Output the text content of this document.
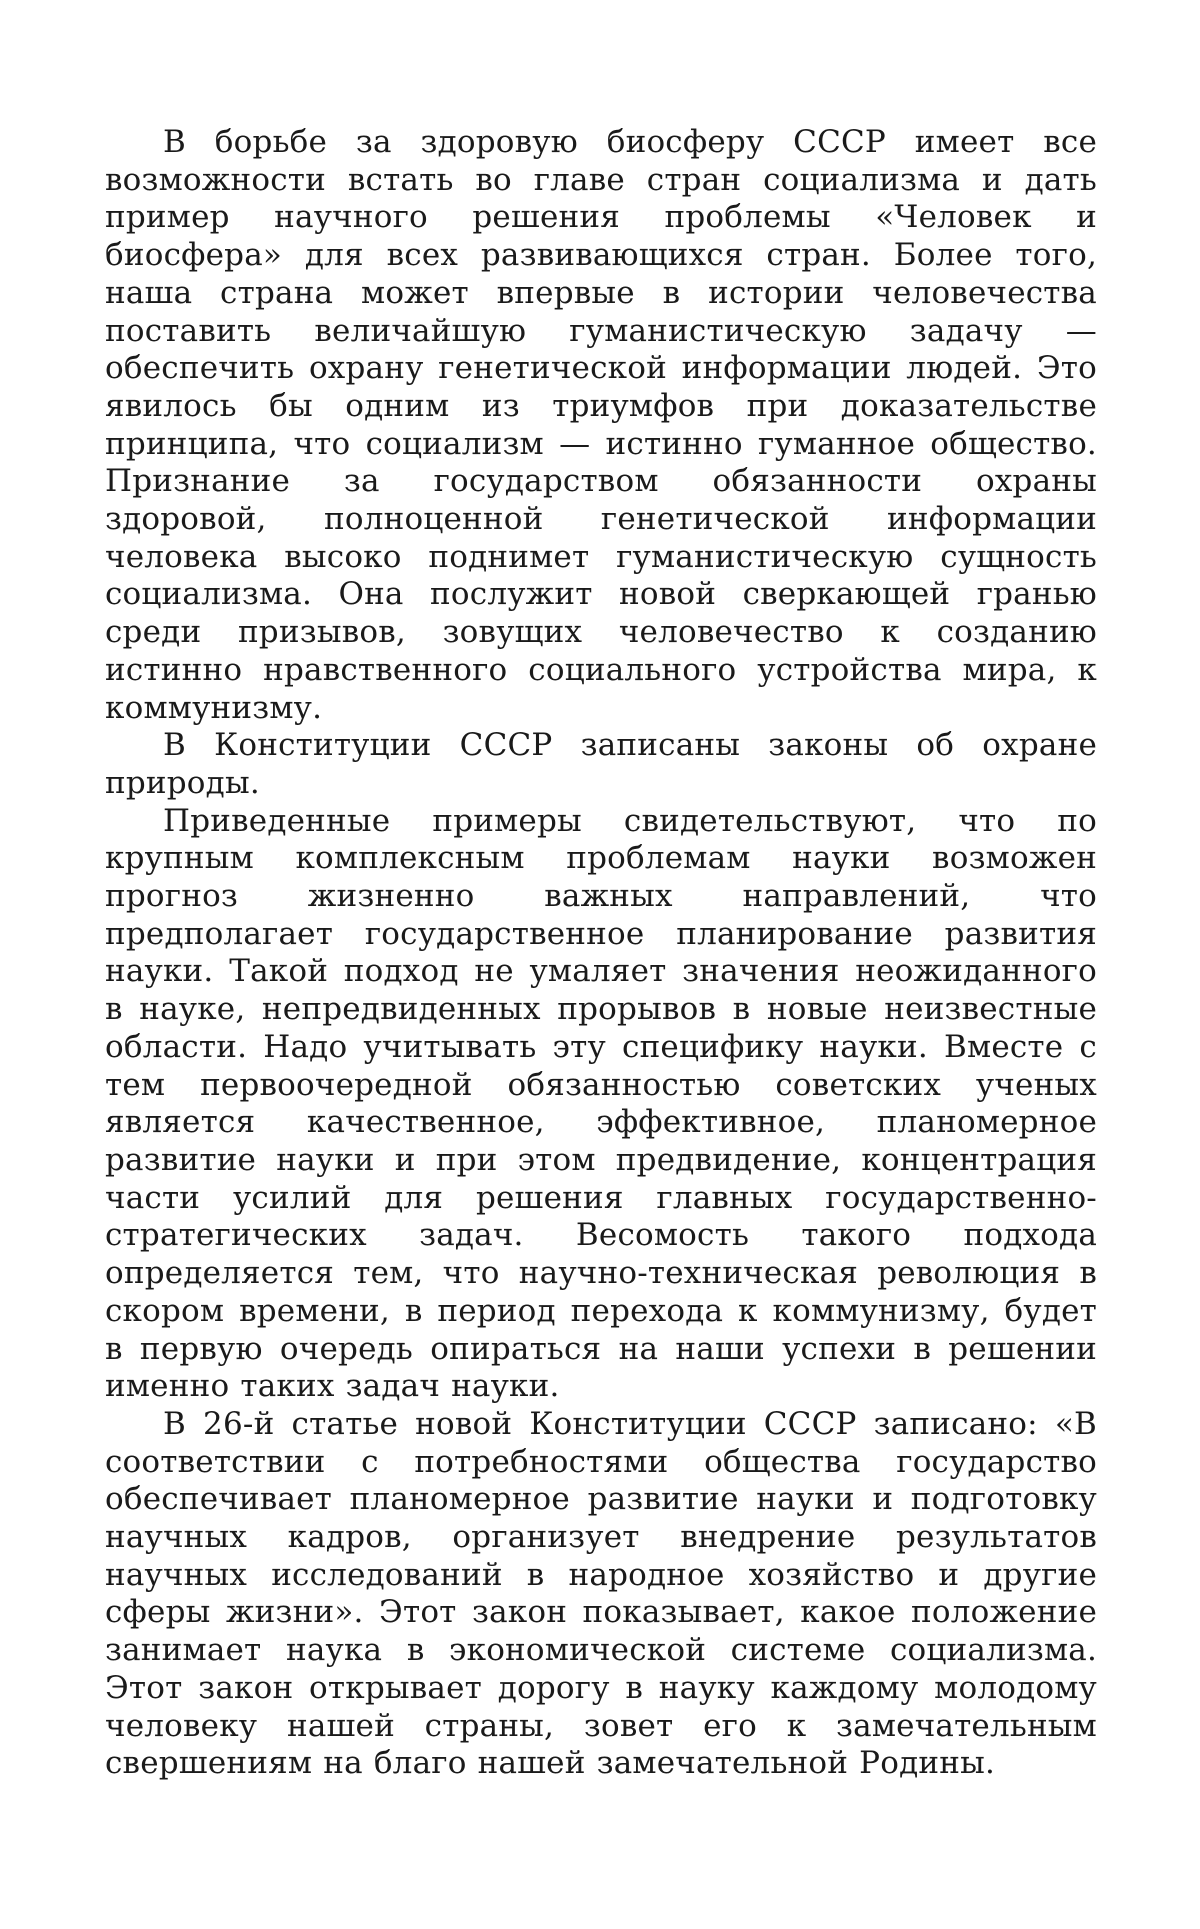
В борьбе за здоровую биосферу СССР имеет все возможности встать во главе стран социализма и дать пример научного решения проблемы «Человек и биосфера» для всех развивающихся стран. Более того, наша страна может впервые в истории человечества поставить величайшую гуманистическую задачу — обеспечить охрану генетической информации людей. Это явилось бы одним из триумфов при доказательстве принципа, что социализм — истинно гуманное общество. Признание за государством обязанности охраны здоровой, полноценной генетической информации человека высоко поднимет гуманистическую сущность социализма. Она послужит новой сверкающей гранью среди призывов, зовущих человечество к созданию истинно нравственного социального устройства мира, к коммунизму.

В Конституции СССР записаны законы об охране природы.

Приведенные примеры свидетельствуют, что по крупным комплексным проблемам науки возможен прогноз жизненно важных направлений, что предполагает государственное планирование развития науки. Такой подход не умаляет значения неожиданного в науке, непредвиденных прорывов в новые неизвестные области. Надо учитывать эту специфику науки. Вместе с тем первоочередной обязанностью советских ученых является качественное, эффективное, планомерное развитие науки и при этом предвидение, концентрация части усилий для решения главных государственно-стратегических задач. Весомость такого подхода определяется тем, что научно-техническая революция в скором времени, в период перехода к коммунизму, будет в первую очередь опираться на наши успехи в решении именно таких задач науки.

В 26-й статье новой Конституции СССР записано: «В соответствии с потребностями общества государство обеспечивает планомерное развитие науки и подготовку научных кадров, организует внедрение результатов научных исследований в народное хозяйство и другие сферы жизни». Этот закон показывает, какое положение занимает наука в экономической системе социализма. Этот закон открывает дорогу в науку каждому молодому человеку нашей страны, зовет его к замечательным свершениям на благо нашей замечательной Родины.
